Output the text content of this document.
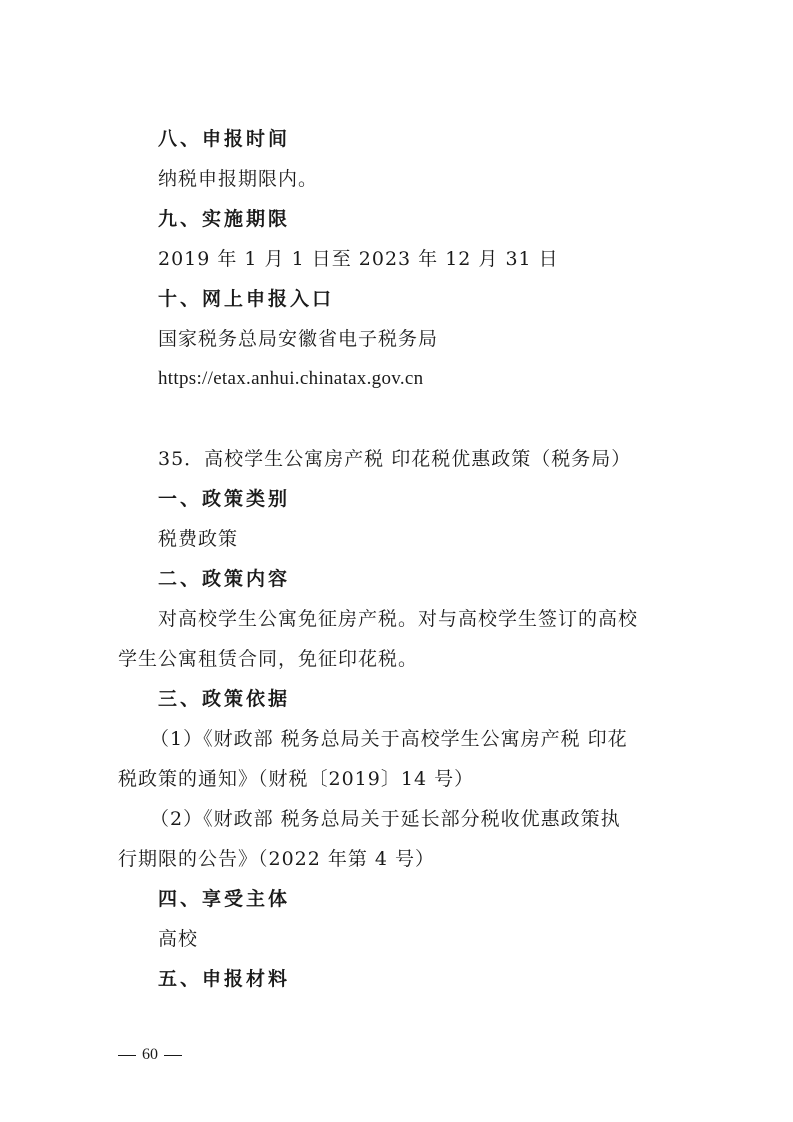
八、申报时间
纳税申报期限内。
九、实施期限
2019 年 1 月 1 日至 2023 年 12 月 31 日
十、网上申报入口
国家税务总局安徽省电子税务局
https://etax.anhui.chinatax.gov.cn
35．高校学生公寓房产税 印花税优惠政策（税务局）
一、政策类别
税费政策
二、政策内容
对高校学生公寓免征房产税。对与高校学生签订的高校
学生公寓租赁合同，免征印花税。
三、政策依据
（1）《财政部 税务总局关于高校学生公寓房产税 印花
税政策的通知》（财税〔2019〕14 号）
（2）《财政部 税务总局关于延长部分税收优惠政策执
行期限的公告》（2022 年第 4 号）
四、享受主体
高校
五、申报材料
60
